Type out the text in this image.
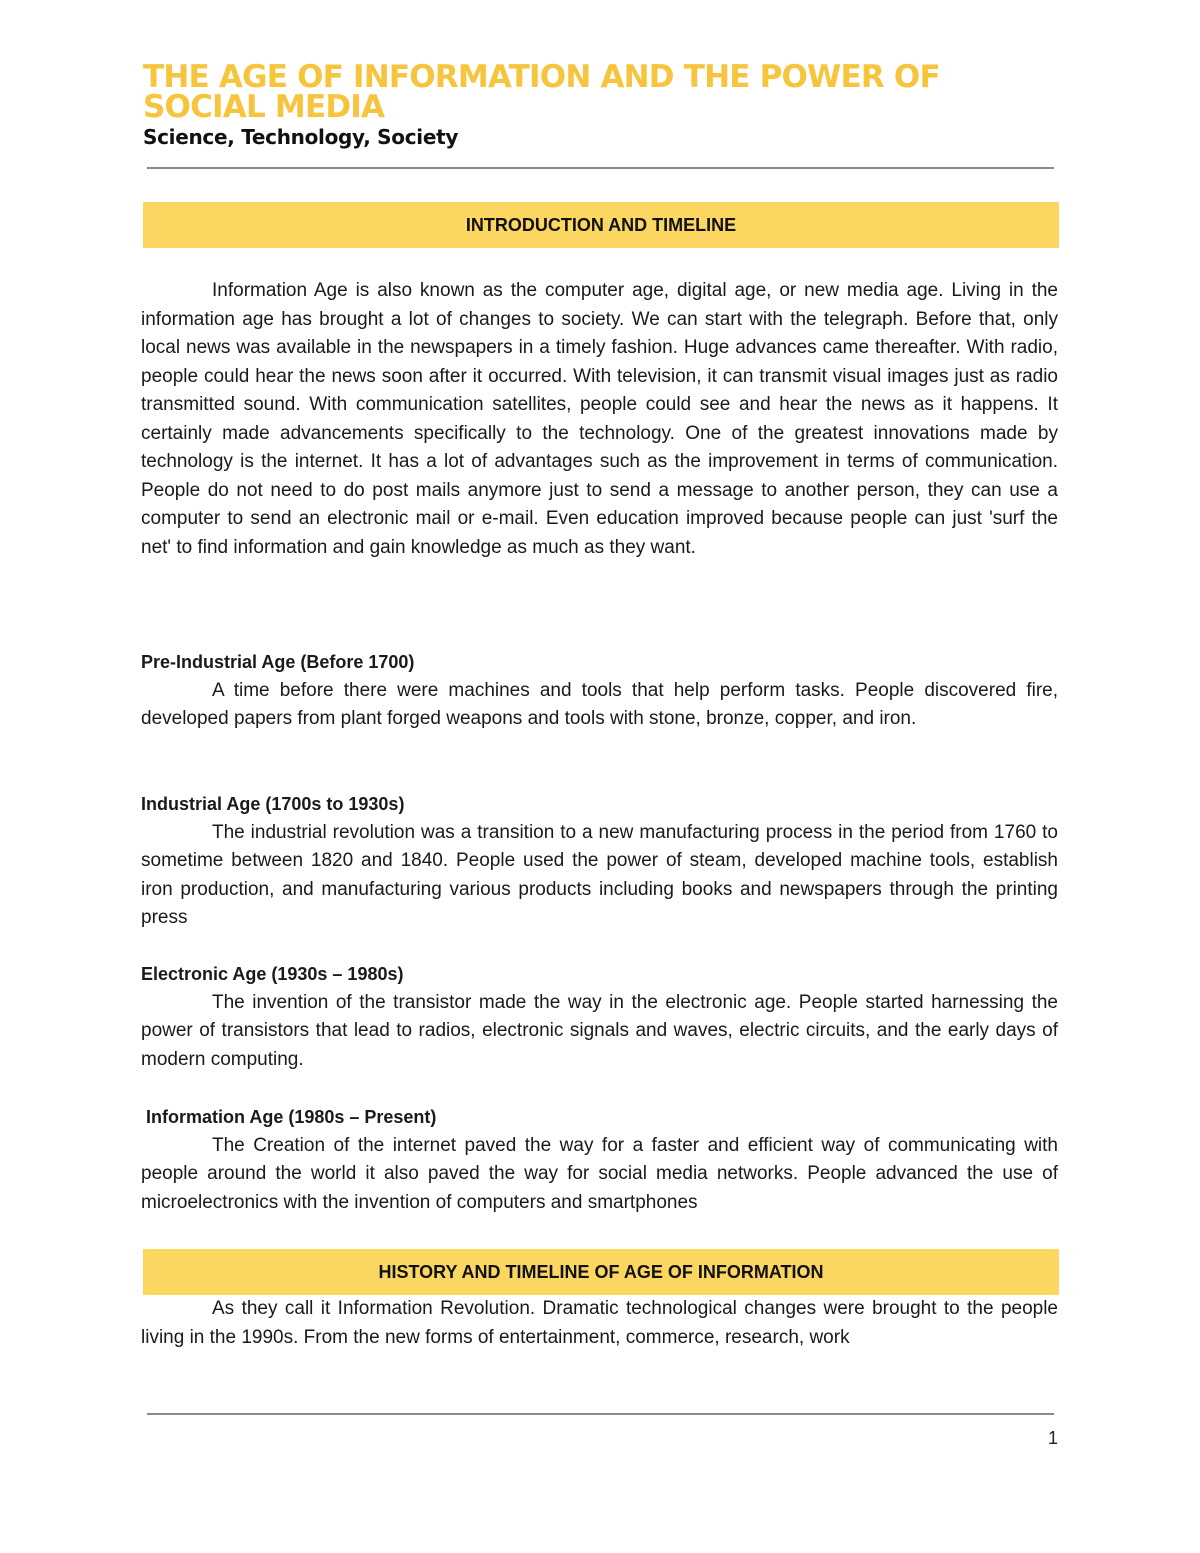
THE AGE OF INFORMATION AND THE POWER OF SOCIAL MEDIA
Science, Technology, Society
INTRODUCTION AND TIMELINE

Information Age is also known as the computer age, digital age, or new media age. Living in the information age has brought a lot of changes to society. We can start with the telegraph. Before that, only local news was available in the newspapers in a timely fashion. Huge advances came thereafter. With radio, people could hear the news soon after it occurred. With television, it can transmit visual images just as radio transmitted sound. With communication satellites, people could see and hear the news as it happens. It certainly made advancements specifically to the technology. One of the greatest innovations made by technology is the internet. It has a lot of advantages such as the improvement in terms of communication. People do not need to do post mails anymore just to send a message to another person, they can use a computer to send an electronic mail or e-mail. Even education improved because people can just 'surf the net' to find information and gain knowledge as much as they want.

Pre-Industrial Age (Before 1700)

A time before there were machines and tools that help perform tasks. People discovered fire, developed papers from plant forged weapons and tools with stone, bronze, copper, and iron.

Industrial Age (1700s to 1930s)

The industrial revolution was a transition to a new manufacturing process in the period from 1760 to sometime between 1820 and 1840. People used the power of steam, developed machine tools, establish iron production, and manufacturing various products including books and newspapers through the printing press

Electronic Age (1930s – 1980s)

The invention of the transistor made the way in the electronic age. People started harnessing the power of transistors that lead to radios, electronic signals and waves, electric circuits, and the early days of modern computing.

Information Age (1980s – Present)

The Creation of the internet paved the way for a faster and efficient way of communicating with people around the world it also paved the way for social media networks. People advanced the use of microelectronics with the invention of computers and smartphones

HISTORY AND TIMELINE OF AGE OF INFORMATION

As they call it Information Revolution. Dramatic technological changes were brought to the people living in the 1990s. From the new forms of entertainment, commerce, research, work

1
